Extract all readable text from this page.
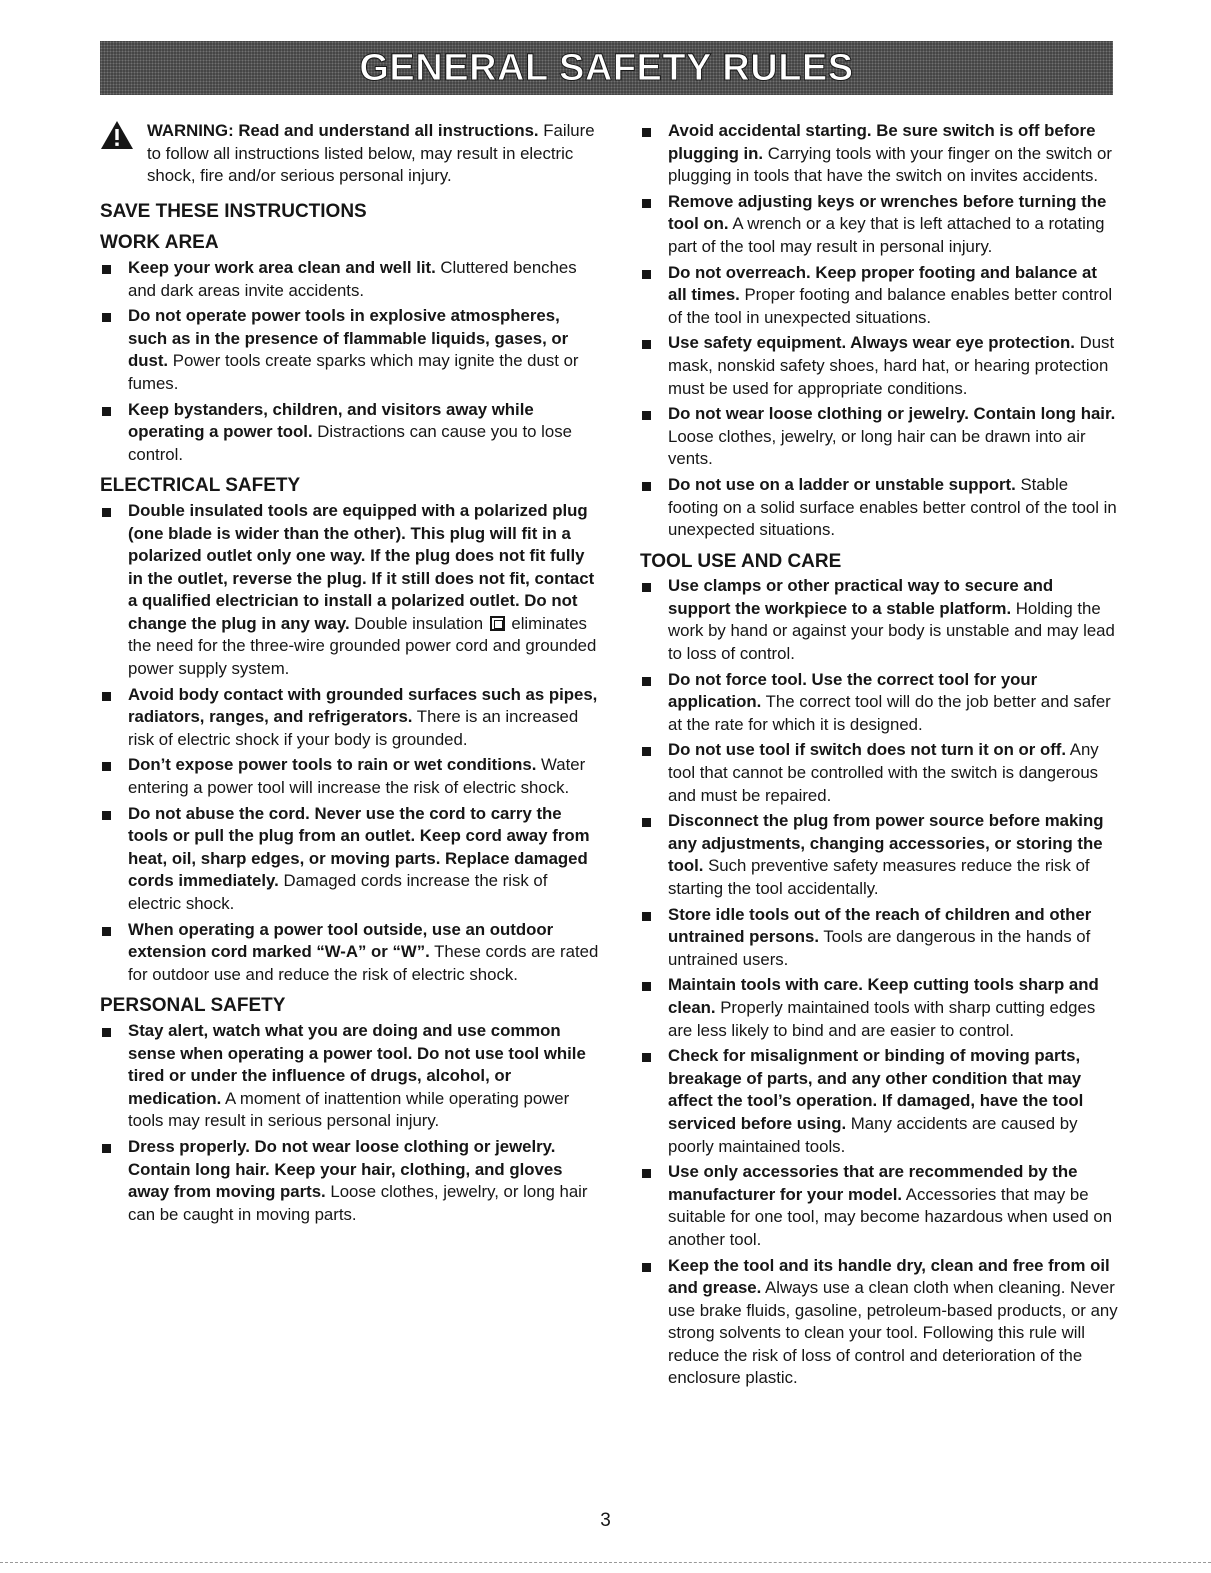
GENERAL SAFETY RULES
WARNING: Read and understand all instructions. Failure to follow all instructions listed below, may result in electric shock, fire and/or serious personal injury.
SAVE THESE INSTRUCTIONS
WORK AREA
Keep your work area clean and well lit. Cluttered benches and dark areas invite accidents.
Do not operate power tools in explosive atmospheres, such as in the presence of flammable liquids, gases, or dust. Power tools create sparks which may ignite the dust or fumes.
Keep bystanders, children, and visitors away while operating a power tool. Distractions can cause you to lose control.
ELECTRICAL SAFETY
Double insulated tools are equipped with a polarized plug (one blade is wider than the other). This plug will fit in a polarized outlet only one way. If the plug does not fit fully in the outlet, reverse the plug. If it still does not fit, contact a qualified electrician to install a polarized outlet. Do not change the plug in any way. Double insulation  eliminates the need for the three-wire grounded power cord and grounded power supply system.
Avoid body contact with grounded surfaces such as pipes, radiators, ranges, and refrigerators. There is an increased risk of electric shock if your body is grounded.
Don’t expose power tools to rain or wet conditions. Water entering a power tool will increase the risk of electric shock.
Do not abuse the cord. Never use the cord to carry the tools or pull the plug from an outlet. Keep cord away from heat, oil, sharp edges, or moving parts. Replace damaged cords immediately. Damaged cords increase the risk of electric shock.
When operating a power tool outside, use an outdoor extension cord marked “W-A” or “W”. These cords are rated for outdoor use and reduce the risk of electric shock.
PERSONAL SAFETY
Stay alert, watch what you are doing and use common sense when operating a power tool. Do not use tool while tired or under the influence of drugs, alcohol, or medication. A moment of inattention while operating power tools may result in serious personal injury.
Dress properly. Do not wear loose clothing or jewelry. Contain long hair. Keep your hair, clothing, and gloves away from moving parts. Loose clothes, jewelry, or long hair can be caught in moving parts.
Avoid accidental starting. Be sure switch is off before plugging in. Carrying tools with your finger on the switch or plugging in tools that have the switch on invites accidents.
Remove adjusting keys or wrenches before turning the tool on. A wrench or a key that is left attached to a rotating part of the tool may result in personal injury.
Do not overreach. Keep proper footing and balance at all times. Proper footing and balance enables better control of the tool in unexpected situations.
Use safety equipment. Always wear eye protection. Dust mask, nonskid safety shoes, hard hat, or hearing protection must be used for appropriate conditions.
Do not wear loose clothing or jewelry. Contain long hair. Loose clothes, jewelry, or long hair can be drawn into air vents.
Do not use on a ladder or unstable support. Stable footing on a solid surface enables better control of the tool in unexpected situations.
TOOL USE AND CARE
Use clamps or other practical way to secure and support the workpiece to a stable platform. Holding the work by hand or against your body is unstable and may lead to loss of control.
Do not force tool. Use the correct tool for your application. The correct tool will do the job better and safer at the rate for which it is designed.
Do not use tool if switch does not turn it on or off. Any tool that cannot be controlled with the switch is dangerous and must be repaired.
Disconnect the plug from power source before making any adjustments, changing accessories, or storing the tool. Such preventive safety measures reduce the risk of starting the tool accidentally.
Store idle tools out of the reach of children and other untrained persons. Tools are dangerous in the hands of untrained users.
Maintain tools with care. Keep cutting tools sharp and clean. Properly maintained tools with sharp cutting edges are less likely to bind and are easier to control.
Check for misalignment or binding of moving parts, breakage of parts, and any other condition that may affect the tool’s operation. If damaged, have the tool serviced before using. Many accidents are caused by poorly maintained tools.
Use only accessories that are recommended by the manufacturer for your model. Accessories that may be suitable for one tool, may become hazardous when used on another tool.
Keep the tool and its handle dry, clean and free from oil and grease. Always use a clean cloth when cleaning. Never use brake fluids, gasoline, petroleum-based products, or any strong solvents to clean your tool. Following this rule will reduce the risk of loss of control and deterioration of the enclosure plastic.
3
